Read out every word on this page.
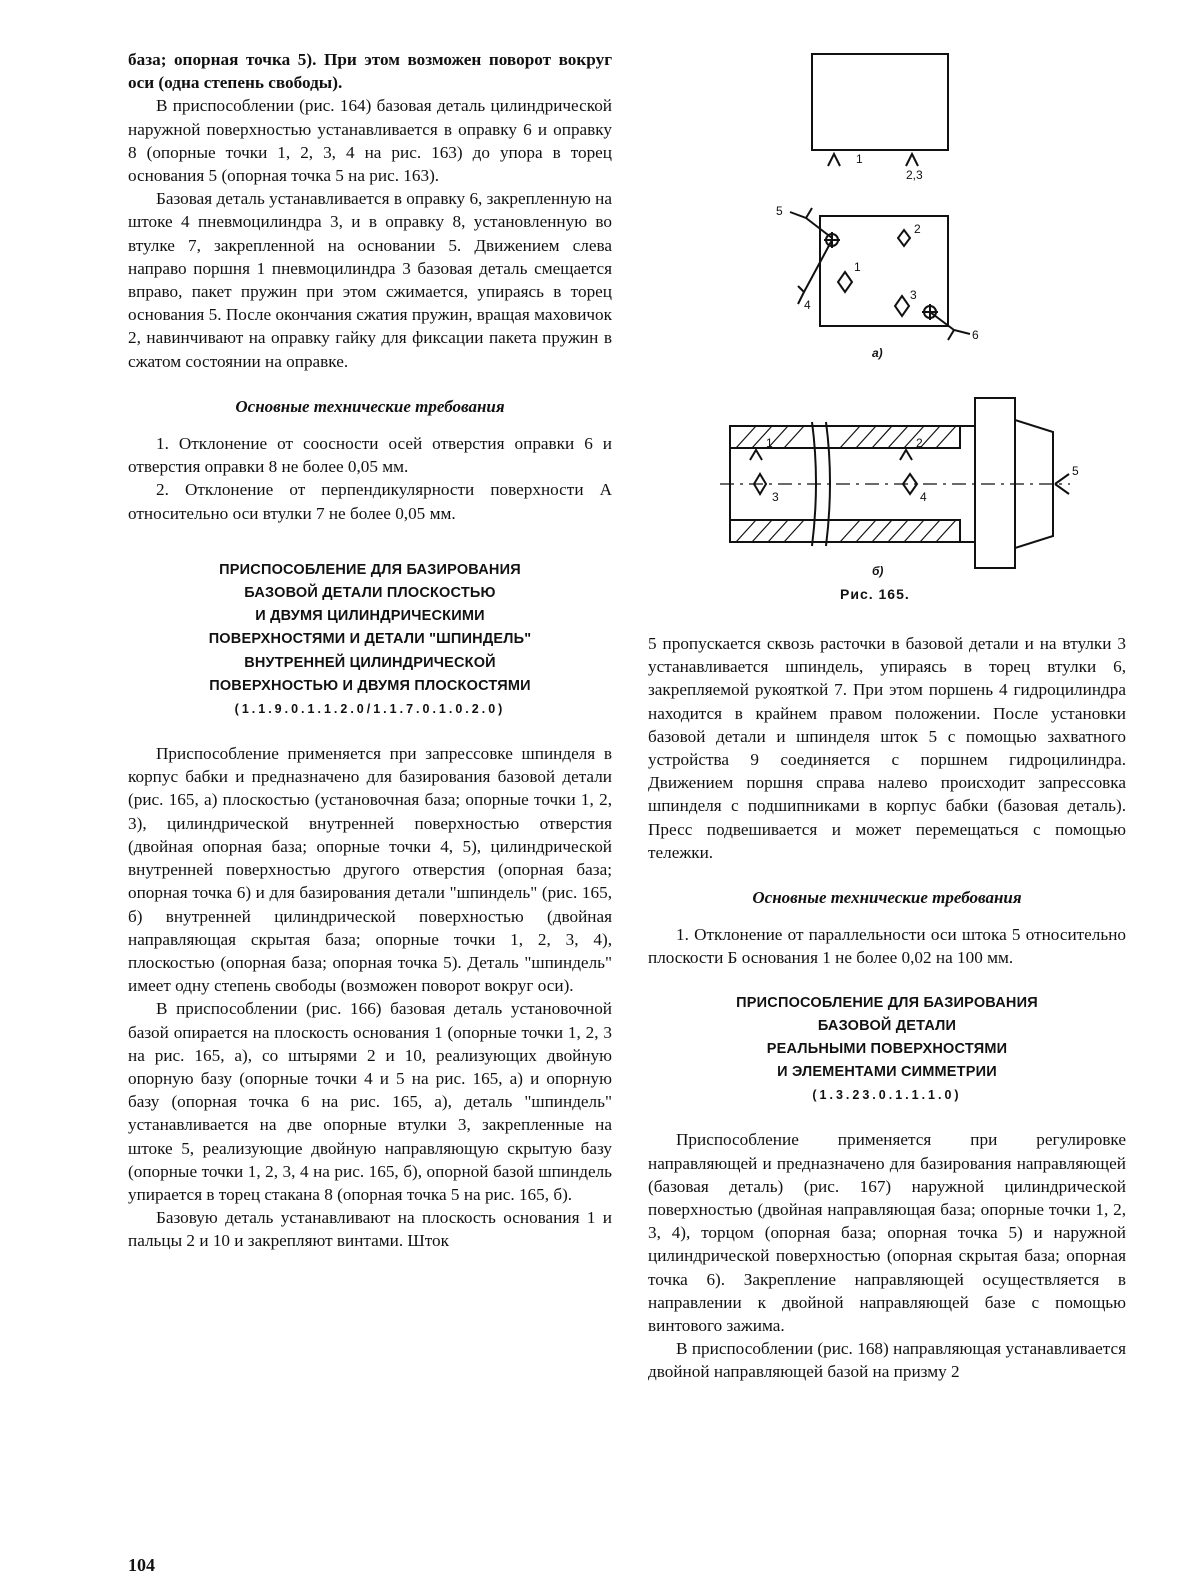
база; опорная точка 5). При этом возможен поворот вокруг оси (одна степень свободы).

В приспособлении (рис. 164) базовая деталь цилиндрической наружной поверхностью устанавливается в оправку 6 и оправку 8 (опорные точки 1, 2, 3, 4 на рис. 163) до упора в торец основания 5 (опорная точка 5 на рис. 163).

Базовая деталь устанавливается в оправку 6, закрепленную на штоке 4 пневмоцилиндра 3, и в оправку 8, установленную во втулке 7, закрепленной на основании 5. Движением слева направо поршня 1 пневмоцилиндра 3 базовая деталь смещается вправо, пакет пружин при этом сжимается, упираясь в торец основания 5. После окончания сжатия пружин, вращая маховичок 2, навинчивают на оправку гайку для фиксации пакета пружин в сжатом состоянии на оправке.

Основные технические требования

1. Отклонение от соосности осей отверстия оправки 6 и отверстия оправки 8 не более 0,05 мм.

2. Отклонение от перпендикулярности поверхности А относительно оси втулки 7 не более 0,05 мм.

ПРИСПОСОБЛЕНИЕ ДЛЯ БАЗИРОВАНИЯ
БАЗОВОЙ ДЕТАЛИ ПЛОСКОСТЬЮ
И ДВУМЯ ЦИЛИНДРИЧЕСКИМИ
ПОВЕРХНОСТЯМИ И ДЕТАЛИ "ШПИНДЕЛЬ"
ВНУТРЕННЕЙ ЦИЛИНДРИЧЕСКОЙ
ПОВЕРХНОСТЬЮ И ДВУМЯ ПЛОСКОСТЯМИ
(1.1.9.0.1.1.2.0/1.1.7.0.1.0.2.0)

Приспособление применяется при запрессовке шпинделя в корпус бабки и предназначено для базирования базовой детали (рис. 165, а) плоскостью (установочная база; опорные точки 1, 2, 3), цилиндрической внутренней поверхностью отверстия (двойная опорная база; опорные точки 4, 5), цилиндрической внутренней поверхностью другого отверстия (опорная база; опорная точка 6) и для базирования детали "шпиндель" (рис. 165, б) внутренней цилиндрической поверхностью (двойная направляющая скрытая база; опорные точки 1, 2, 3, 4), плоскостью (опорная база; опорная точка 5). Деталь "шпиндель" имеет одну степень свободы (возможен поворот вокруг оси).

В приспособлении (рис. 166) базовая деталь установочной базой опирается на плоскость основания 1 (опорные точки 1, 2, 3 на рис. 165, а), со штырями 2 и 10, реализующих двойную опорную базу (опорные точки 4 и 5 на рис. 165, а) и опорную базу (опорная точка 6 на рис. 165, а), деталь "шпиндель" устанавливается на две опорные втулки 3, закрепленные на штоке 5, реализующие двойную направляющую скрытую базу (опорные точки 1, 2, 3, 4 на рис. 165, б), опорной базой шпиндель упирается в торец стакана 8 (опорная точка 5 на рис. 165, б).

Базовую деталь устанавливают на плоскость основания 1 и пальцы 2 и 10 и закрепляют винтами. Шток

104
1
2,3
1
2
3
4
5
6
а)
1	2
3	4
5
б)
Рис. 165.

5 пропускается сквозь расточки в базовой детали и на втулки 3 устанавливается шпиндель, упираясь в торец втулки 6, закрепляемой рукояткой 7. При этом поршень 4 гидроцилиндра находится в крайнем правом положении. После установки базовой детали и шпинделя шток 5 с помощью захватного устройства 9 соединяется с поршнем гидроцилиндра. Движением поршня справа налево происходит запрессовка шпинделя с подшипниками в корпус бабки (базовая деталь). Пресс подвешивается и может перемещаться с помощью тележки.

Основные технические требования

1. Отклонение от параллельности оси штока 5 относительно плоскости Б основания 1 не более 0,02 на 100 мм.

ПРИСПОСОБЛЕНИЕ ДЛЯ БАЗИРОВАНИЯ
БАЗОВОЙ ДЕТАЛИ
РЕАЛЬНЫМИ ПОВЕРХНОСТЯМИ
И ЭЛЕМЕНТАМИ СИММЕТРИИ
(1.3.23.0.1.1.1.0)

Приспособление применяется при регулировке направляющей и предназначено для базирования направляющей (базовая деталь) (рис. 167) наружной цилиндрической поверхностью (двойная направляющая база; опорные точки 1, 2, 3, 4), торцом (опорная база; опорная точка 5) и наружной цилиндрической поверхностью (опорная скрытая база; опорная точка 6). Закрепление направляющей осуществляется в направлении к двойной направляющей базе с помощью винтового зажима.

В приспособлении (рис. 168) направляющая устанавливается двойной направляющей базой на призму 2
